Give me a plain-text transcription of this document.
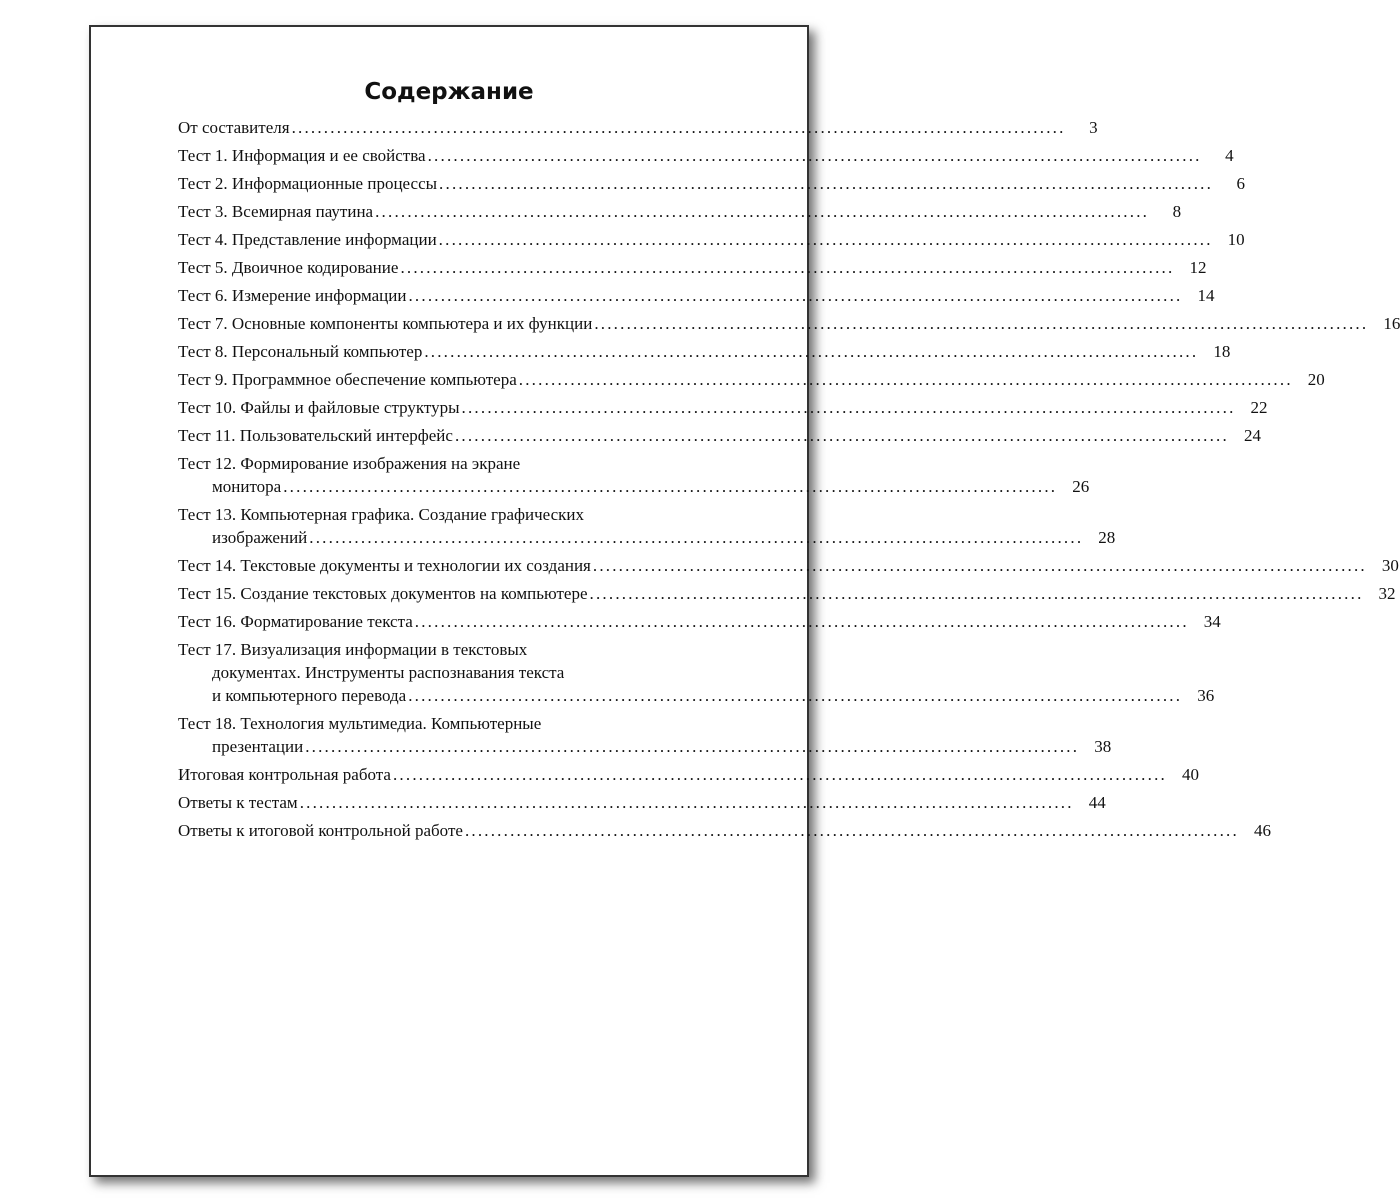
Содержание
От составителя ........................................................................................................................	3
Тест 1. Информация и ее свойства ........................................................................................................................	4
Тест 2. Информационные процессы ........................................................................................................................	6
Тест 3. Всемирная паутина ........................................................................................................................	8
Тест 4. Представление информации ........................................................................................................................ 10
Тест 5. Двоичное кодирование ........................................................................................................................ 12
Тест 6. Измерение информации ........................................................................................................................ 14
Тест 7. Основные компоненты компьютера и их функции ........................................................................................................................ 16
Тест 8. Персональный компьютер ........................................................................................................................ 18
Тест 9. Программное обеспечение компьютера ........................................................................................................................ 20
Тест 10. Файлы и файловые структуры ........................................................................................................................ 22
Тест 11. Пользовательский интерфейс ........................................................................................................................ 24
Тест 12. Формирование изображения на экране
монитора ........................................................................................................................ 26
Тест 13. Компьютерная графика. Создание графических
изображений ........................................................................................................................ 28
Тест 14. Текстовые документы и технологии их создания ........................................................................................................................ 30
Тест 15. Создание текстовых документов на компьютере ........................................................................................................................ 32
Тест 16. Форматирование текста ........................................................................................................................ 34
Тест 17. Визуализация информации в текстовых
документах. Инструменты распознавания текста
и компьютерного перевода ........................................................................................................................ 36
Тест 18. Технология мультимедиа. Компьютерные
презентации ........................................................................................................................ 38
Итоговая контрольная работа ........................................................................................................................ 40
Ответы к тестам ........................................................................................................................ 44
Ответы к итоговой контрольной работе ........................................................................................................................ 46
